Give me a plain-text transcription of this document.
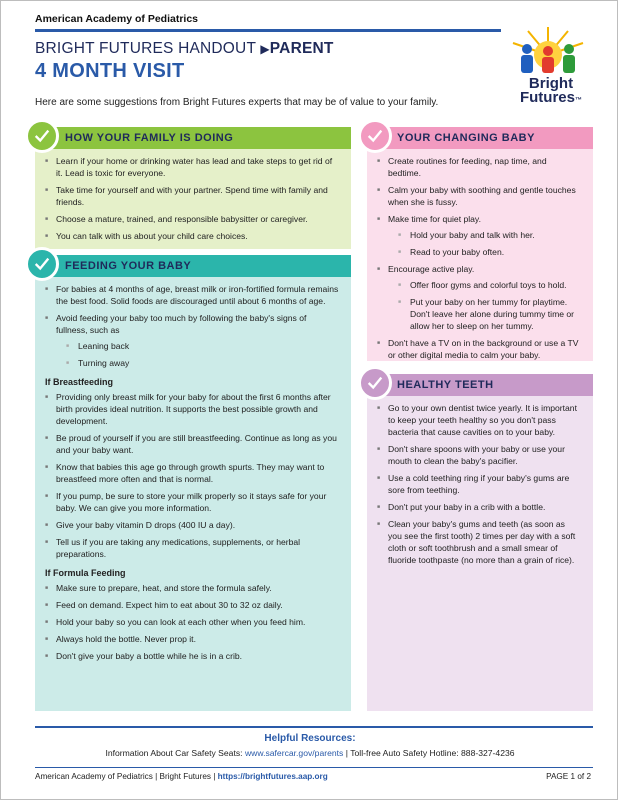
American Academy of Pediatrics
BRIGHT FUTURES HANDOUT ▶PARENT
4 MONTH VISIT
Here are some suggestions from Bright Futures experts that may be of value to your family.
Bright
Futures™
HOW YOUR FAMILY IS DOING
■ Learn if your home or drinking water has lead and take steps to get rid of it. Lead is toxic for everyone.
■ Take time for yourself and with your partner. Spend time with family and friends.
■ Choose a mature, trained, and responsible babysitter or caregiver.
■ You can talk with us about your child care choices.
FEEDING YOUR BABY
■ For babies at 4 months of age, breast milk or iron-fortified formula remains the best food. Solid foods are discouraged until about 6 months of age.
■ Avoid feeding your baby too much by following the baby's signs of fullness, such as
■ Leaning back
■ Turning away
If Breastfeeding
■ Providing only breast milk for your baby for about the first 6 months after birth provides ideal nutrition. It supports the best possible growth and development.
■ Be proud of yourself if you are still breastfeeding. Continue as long as you and your baby want.
■ Know that babies this age go through growth spurts. They may want to breastfeed more often and that is normal.
■ If you pump, be sure to store your milk properly so it stays safe for your baby. We can give you more information.
■ Give your baby vitamin D drops (400 IU a day).
■ Tell us if you are taking any medications, supplements, or herbal preparations.
If Formula Feeding
■ Make sure to prepare, heat, and store the formula safely.
■ Feed on demand. Expect him to eat about 30 to 32 oz daily.
■ Hold your baby so you can look at each other when you feed him.
■ Always hold the bottle. Never prop it.
■ Don't give your baby a bottle while he is in a crib.
YOUR CHANGING BABY
■ Create routines for feeding, nap time, and bedtime.
■ Calm your baby with soothing and gentle touches when she is fussy.
■ Make time for quiet play.
■ Hold your baby and talk with her.
■ Read to your baby often.
■ Encourage active play.
■ Offer floor gyms and colorful toys to hold.
■ Put your baby on her tummy for playtime. Don't leave her alone during tummy time or allow her to sleep on her tummy.
■ Don't have a TV on in the background or use a TV or other digital media to calm your baby.
HEALTHY TEETH
■ Go to your own dentist twice yearly. It is important to keep your teeth healthy so you don't pass bacteria that cause cavities on to your baby.
■ Don't share spoons with your baby or use your mouth to clean the baby's pacifier.
■ Use a cold teething ring if your baby's gums are sore from teething.
■ Don't put your baby in a crib with a bottle.
■ Clean your baby's gums and teeth (as soon as you see the first tooth) 2 times per day with a soft cloth or soft toothbrush and a small smear of fluoride toothpaste (no more than a grain of rice).
Helpful Resources:
Information About Car Safety Seats: www.safercar.gov/parents | Toll-free Auto Safety Hotline: 888-327-4236
American Academy of Pediatrics | Bright Futures | https://brightfutures.aap.org	PAGE 1 of 2
